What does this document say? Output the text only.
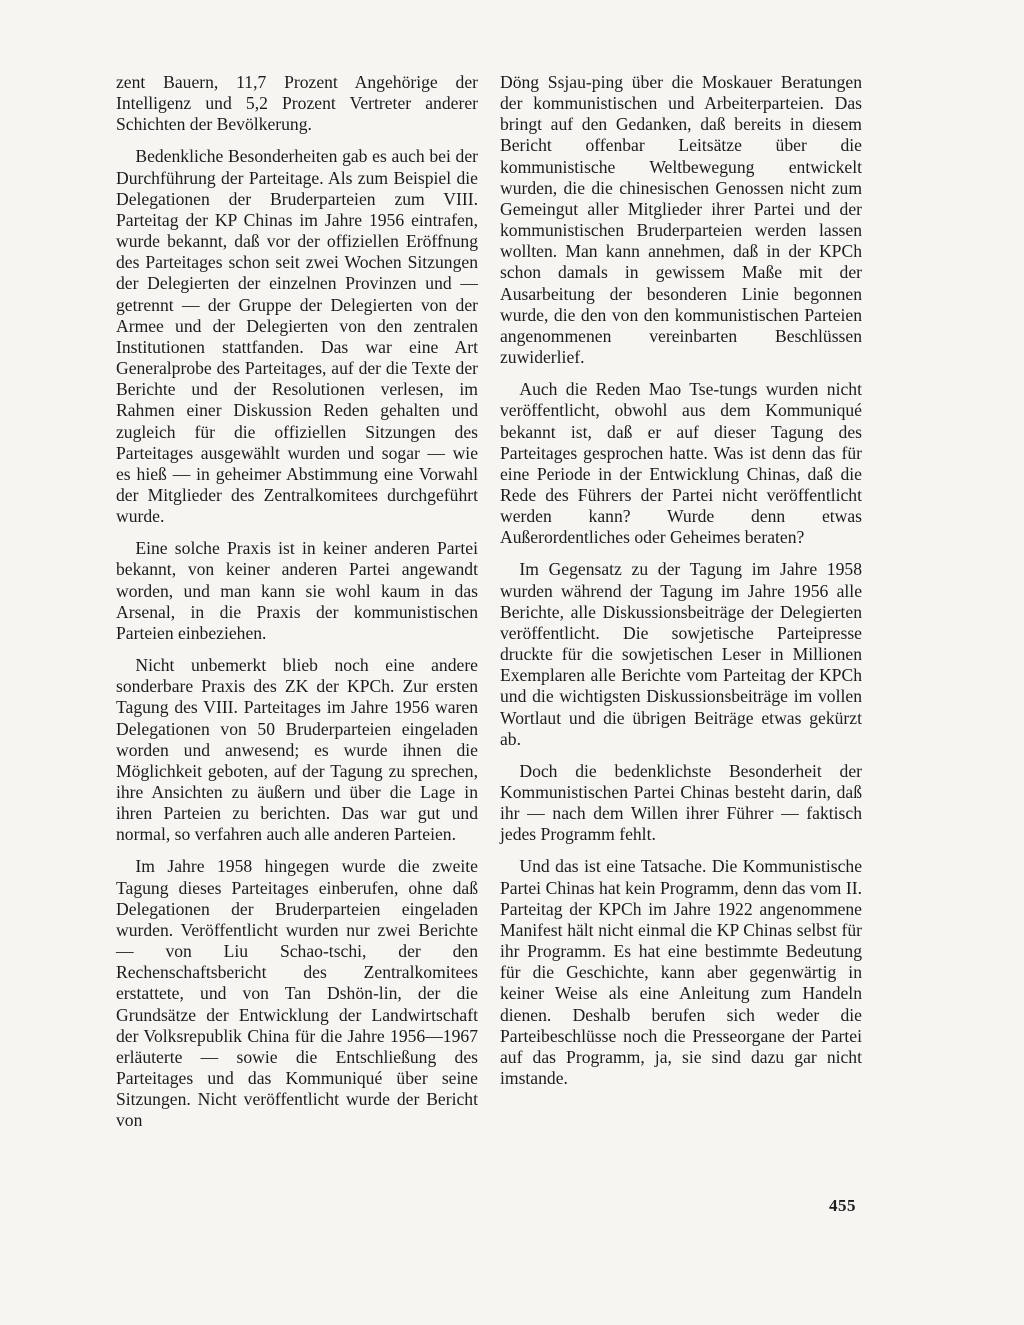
zent Bauern, 11,7 Prozent Angehörige der Intelligenz und 5,2 Prozent Vertreter anderer Schichten der Bevölkerung.

Bedenkliche Besonderheiten gab es auch bei der Durchführung der Parteitage. Als zum Beispiel die Delegationen der Bruderparteien zum VIII. Parteitag der KP Chinas im Jahre 1956 eintrafen, wurde bekannt, daß vor der offiziellen Eröffnung des Parteitages schon seit zwei Wochen Sitzungen der Delegierten der einzelnen Provinzen und — getrennt — der Gruppe der Delegierten von der Armee und der Delegierten von den zentralen Institutionen stattfanden. Das war eine Art Generalprobe des Parteitages, auf der die Texte der Berichte und der Resolutionen verlesen, im Rahmen einer Diskussion Reden gehalten und zugleich für die offiziellen Sitzungen des Parteitages ausgewählt wurden und sogar — wie es hieß — in geheimer Abstimmung eine Vorwahl der Mitglieder des Zentralkomitees durchgeführt wurde.

Eine solche Praxis ist in keiner anderen Partei bekannt, von keiner anderen Partei angewandt worden, und man kann sie wohl kaum in das Arsenal, in die Praxis der kommunistischen Parteien einbeziehen.

Nicht unbemerkt blieb noch eine andere sonderbare Praxis des ZK der KPCh. Zur ersten Tagung des VIII. Parteitages im Jahre 1956 waren Delegationen von 50 Bruderparteien eingeladen worden und anwesend; es wurde ihnen die Möglichkeit geboten, auf der Tagung zu sprechen, ihre Ansichten zu äußern und über die Lage in ihren Parteien zu berichten. Das war gut und normal, so verfahren auch alle anderen Parteien.

Im Jahre 1958 hingegen wurde die zweite Tagung dieses Parteitages einberufen, ohne daß Delegationen der Bruderparteien eingeladen wurden. Veröffentlicht wurden nur zwei Berichte — von Liu Schao-tschi, der den Rechenschaftsbericht des Zentralkomitees erstattete, und von Tan Dshön-lin, der die Grundsätze der Entwicklung der Landwirtschaft der Volksrepublik China für die Jahre 1956—1967 erläuterte — sowie die Entschließung des Parteitages und das Kommuniqué über seine Sitzungen. Nicht veröffentlicht wurde der Bericht von

Döng Ssjau-ping über die Moskauer Beratungen der kommunistischen und Arbeiterparteien. Das bringt auf den Gedanken, daß bereits in diesem Bericht offenbar Leitsätze über die kommunistische Weltbewegung entwickelt wurden, die die chinesischen Genossen nicht zum Gemeingut aller Mitglieder ihrer Partei und der kommunistischen Bruderparteien werden lassen wollten. Man kann annehmen, daß in der KPCh schon damals in gewissem Maße mit der Ausarbeitung der besonderen Linie begonnen wurde, die den von den kommunistischen Parteien angenommenen vereinbarten Beschlüssen zuwiderlief.

Auch die Reden Mao Tse-tungs wurden nicht veröffentlicht, obwohl aus dem Kommuniqué bekannt ist, daß er auf dieser Tagung des Parteitages gesprochen hatte. Was ist denn das für eine Periode in der Entwicklung Chinas, daß die Rede des Führers der Partei nicht veröffentlicht werden kann? Wurde denn etwas Außerordentliches oder Geheimes beraten?

Im Gegensatz zu der Tagung im Jahre 1958 wurden während der Tagung im Jahre 1956 alle Berichte, alle Diskussionsbeiträge der Delegierten veröffentlicht. Die sowjetische Parteipresse druckte für die sowjetischen Leser in Millionen Exemplaren alle Berichte vom Parteitag der KPCh und die wichtigsten Diskussionsbeiträge im vollen Wortlaut und die übrigen Beiträge etwas gekürzt ab.

Doch die bedenklichste Besonderheit der Kommunistischen Partei Chinas besteht darin, daß ihr — nach dem Willen ihrer Führer — faktisch jedes Programm fehlt.

Und das ist eine Tatsache. Die Kommunistische Partei Chinas hat kein Programm, denn das vom II. Parteitag der KPCh im Jahre 1922 angenommene Manifest hält nicht einmal die KP Chinas selbst für ihr Programm. Es hat eine bestimmte Bedeutung für die Geschichte, kann aber gegenwärtig in keiner Weise als eine Anleitung zum Handeln dienen. Deshalb berufen sich weder die Parteibeschlüsse noch die Presseorgane der Partei auf das Programm, ja, sie sind dazu gar nicht imstande.

455
